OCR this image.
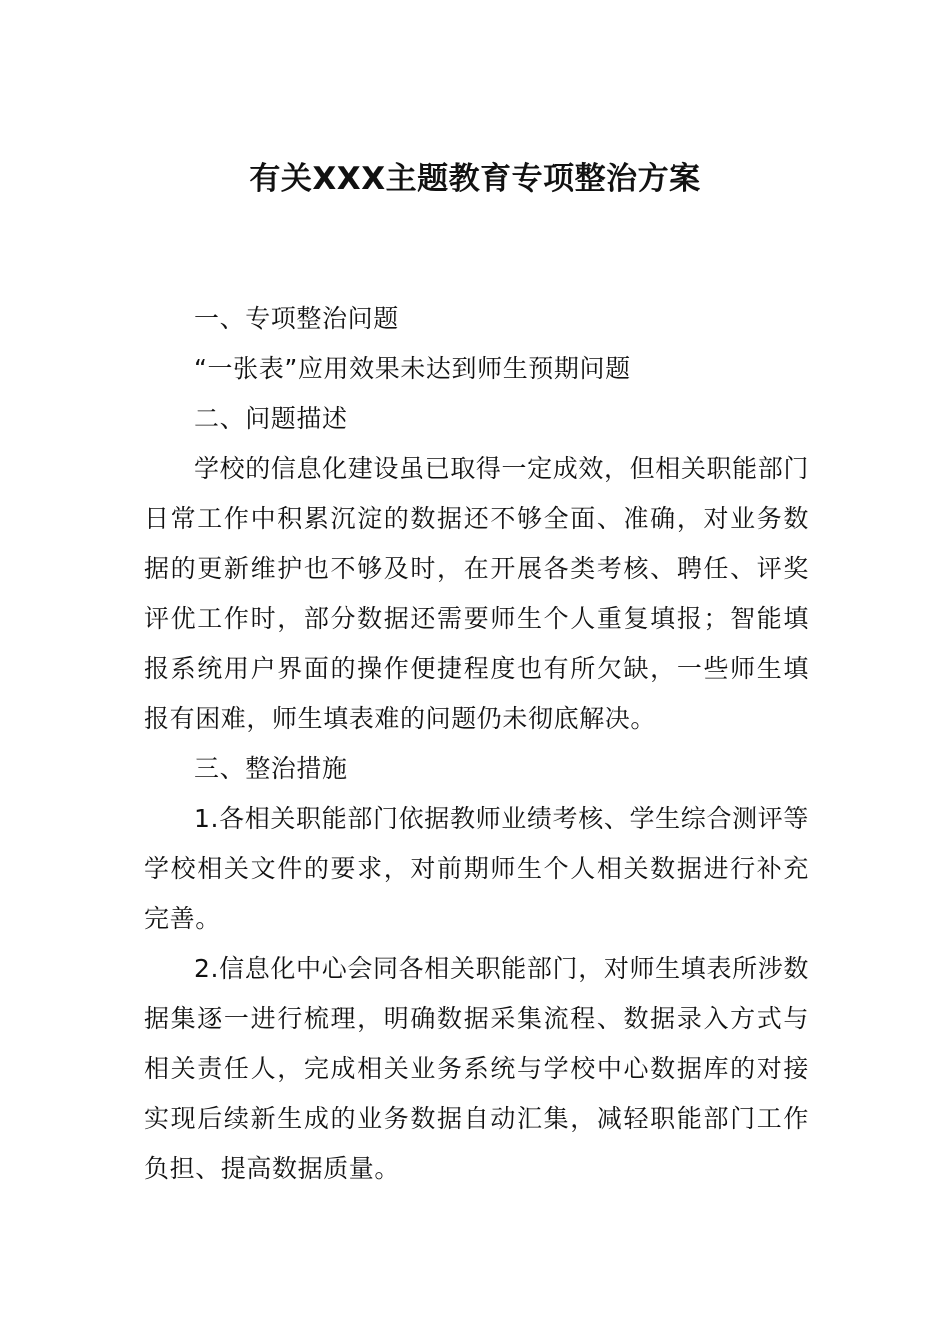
有关XXX主题教育专项整治方案

一、专项整治问题

“一张表”应用效果未达到师生预期问题

二、问题描述

学校的信息化建设虽已取得一定成效，但相关职能部门日常工作中积累沉淀的数据还不够全面、准确，对业务数据的更新维护也不够及时，在开展各类考核、聘任、评奖评优工作时，部分数据还需要师生个人重复填报；智能填报系统用户界面的操作便捷程度也有所欠缺，一些师生填报有困难，师生填表难的问题仍未彻底解决。

三、整治措施

1.各相关职能部门依据教师业绩考核、学生综合测评等学校相关文件的要求，对前期师生个人相关数据进行补充完善。

2.信息化中心会同各相关职能部门，对师生填表所涉数据集逐一进行梳理，明确数据采集流程、数据录入方式与相关责任人，完成相关业务系统与学校中心数据库的对接实现后续新生成的业务数据自动汇集，减轻职能部门工作负担、提高数据质量。
